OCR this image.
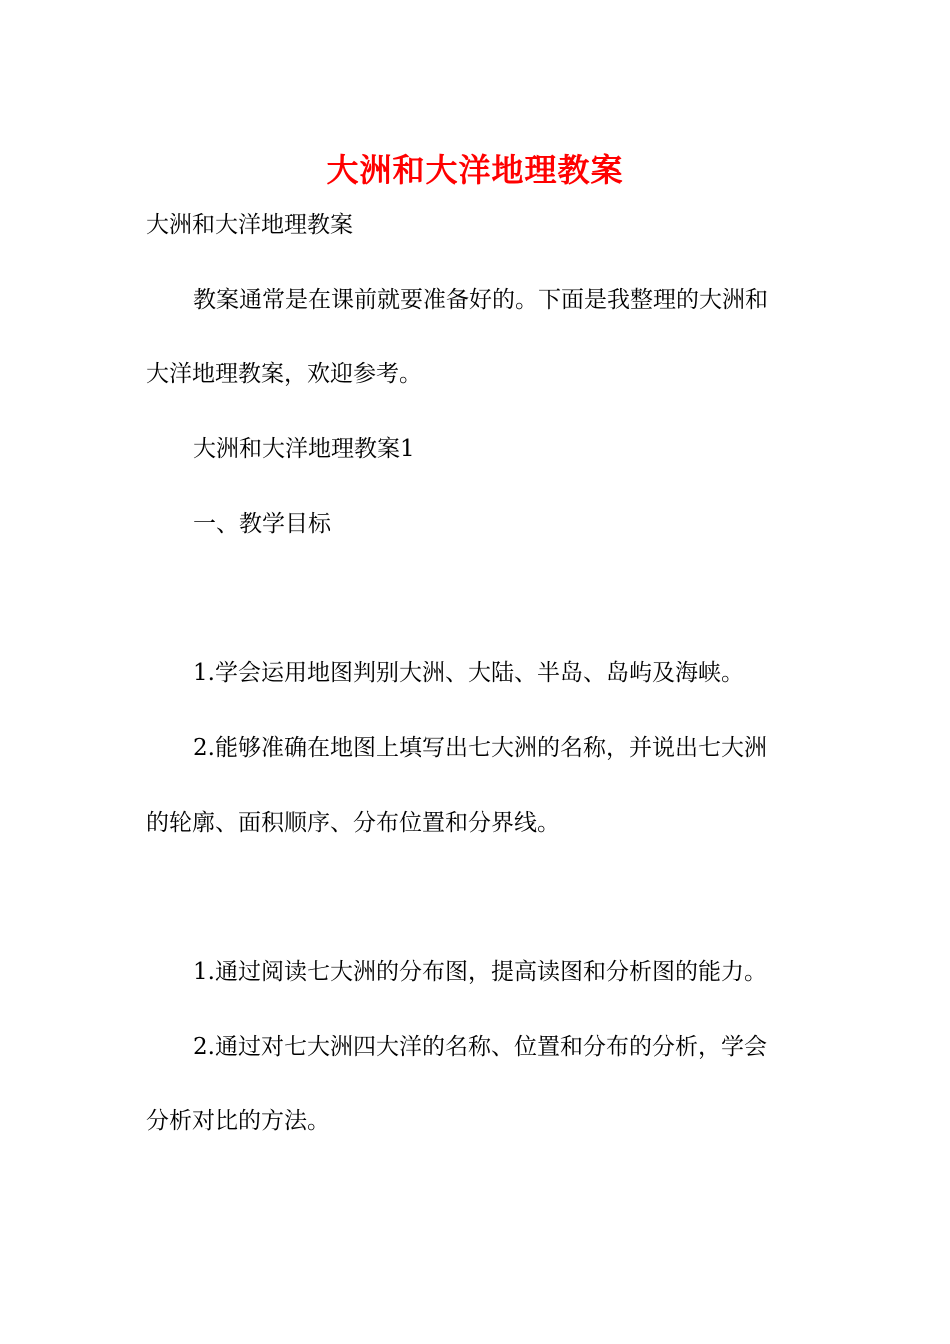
大洲和大洋地理教案

大洲和大洋地理教案

教案通常是在课前就要准备好的。下面是我整理的大洲和

大洋地理教案，欢迎参考。

大洲和大洋地理教案1

一、教学目标

1.学会运用地图判别大洲、大陆、半岛、岛屿及海峡。

2.能够准确在地图上填写出七大洲的名称，并说出七大洲

的轮廓、面积顺序、分布位置和分界线。

1.通过阅读七大洲的分布图，提高读图和分析图的能力。

2.通过对七大洲四大洋的名称、位置和分布的分析，学会

分析对比的方法。
